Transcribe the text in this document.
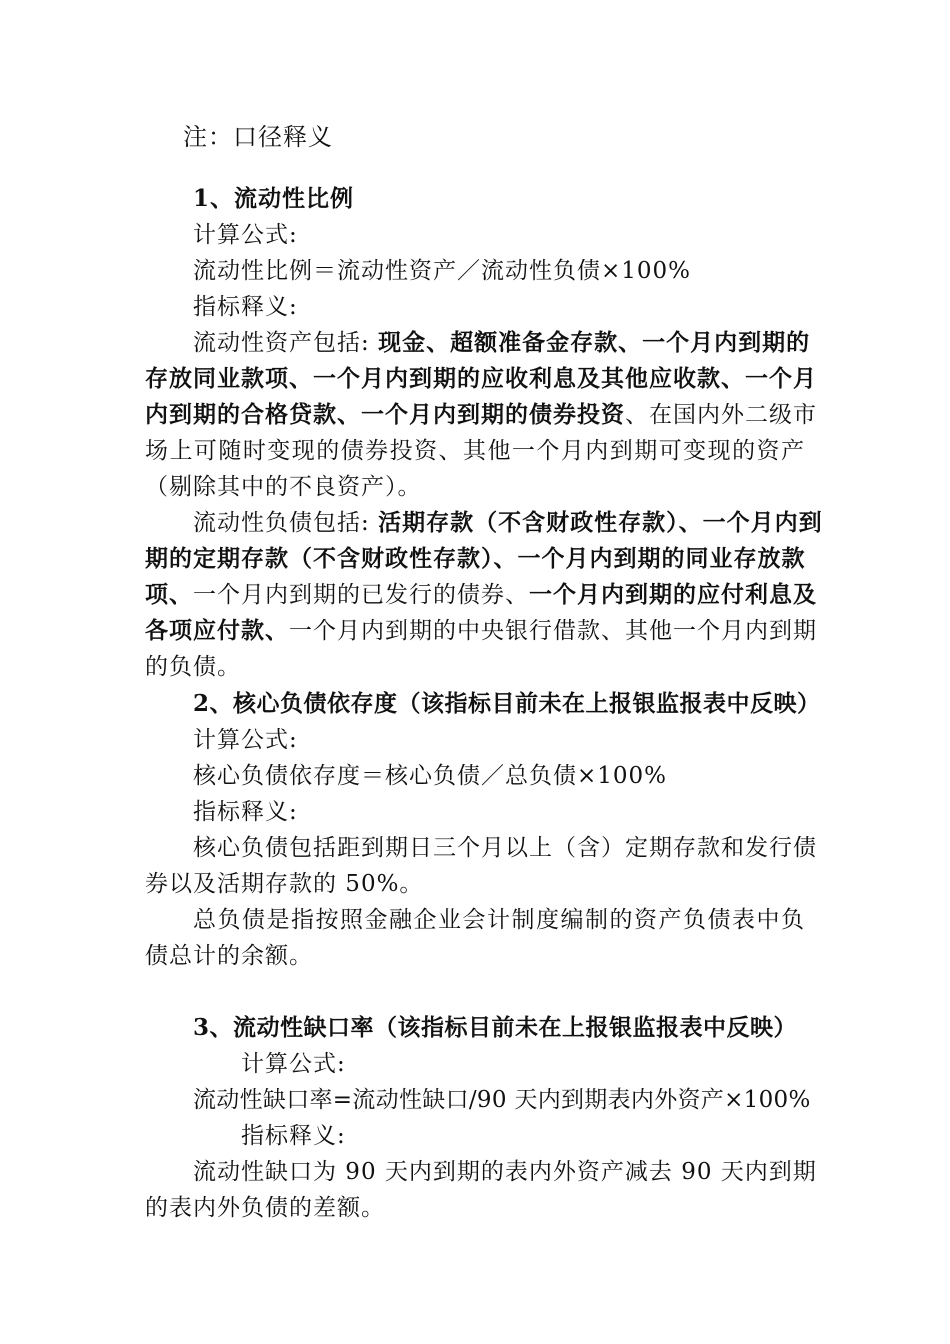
注：口径释义
1、流动性比例
计算公式:
流动性比例＝流动性资产／流动性负债×100%
指标释义:
流动性资产包括: 现金、超额准备金存款、一个月内到期的
存放同业款项、一个月内到期的应收利息及其他应收款、一个月
内到期的合格贷款、一个月内到期的债券投资、在国内外二级市
场上可随时变现的债券投资、其他一个月内到期可变现的资产
（剔除其中的不良资产）。
流动性负债包括: 活期存款（不含财政性存款）、一个月内到
期的定期存款（不含财政性存款）、一个月内到期的同业存放款
项、一个月内到期的已发行的债券、一个月内到期的应付利息及
各项应付款、一个月内到期的中央银行借款、其他一个月内到期
的负债。
2、核心负债依存度（该指标目前未在上报银监报表中反映）
计算公式:
核心负债依存度＝核心负债／总负债×100%
指标释义:
核心负债包括距到期日三个月以上（含）定期存款和发行债
券以及活期存款的 50%。
总负债是指按照金融企业会计制度编制的资产负债表中负
债总计的余额。
3、流动性缺口率（该指标目前未在上报银监报表中反映）
计算公式:
流动性缺口率=流动性缺口/90 天内到期表内外资产×100%
指标释义:
流动性缺口为 90 天内到期的表内外资产减去 90 天内到期
的表内外负债的差额。
